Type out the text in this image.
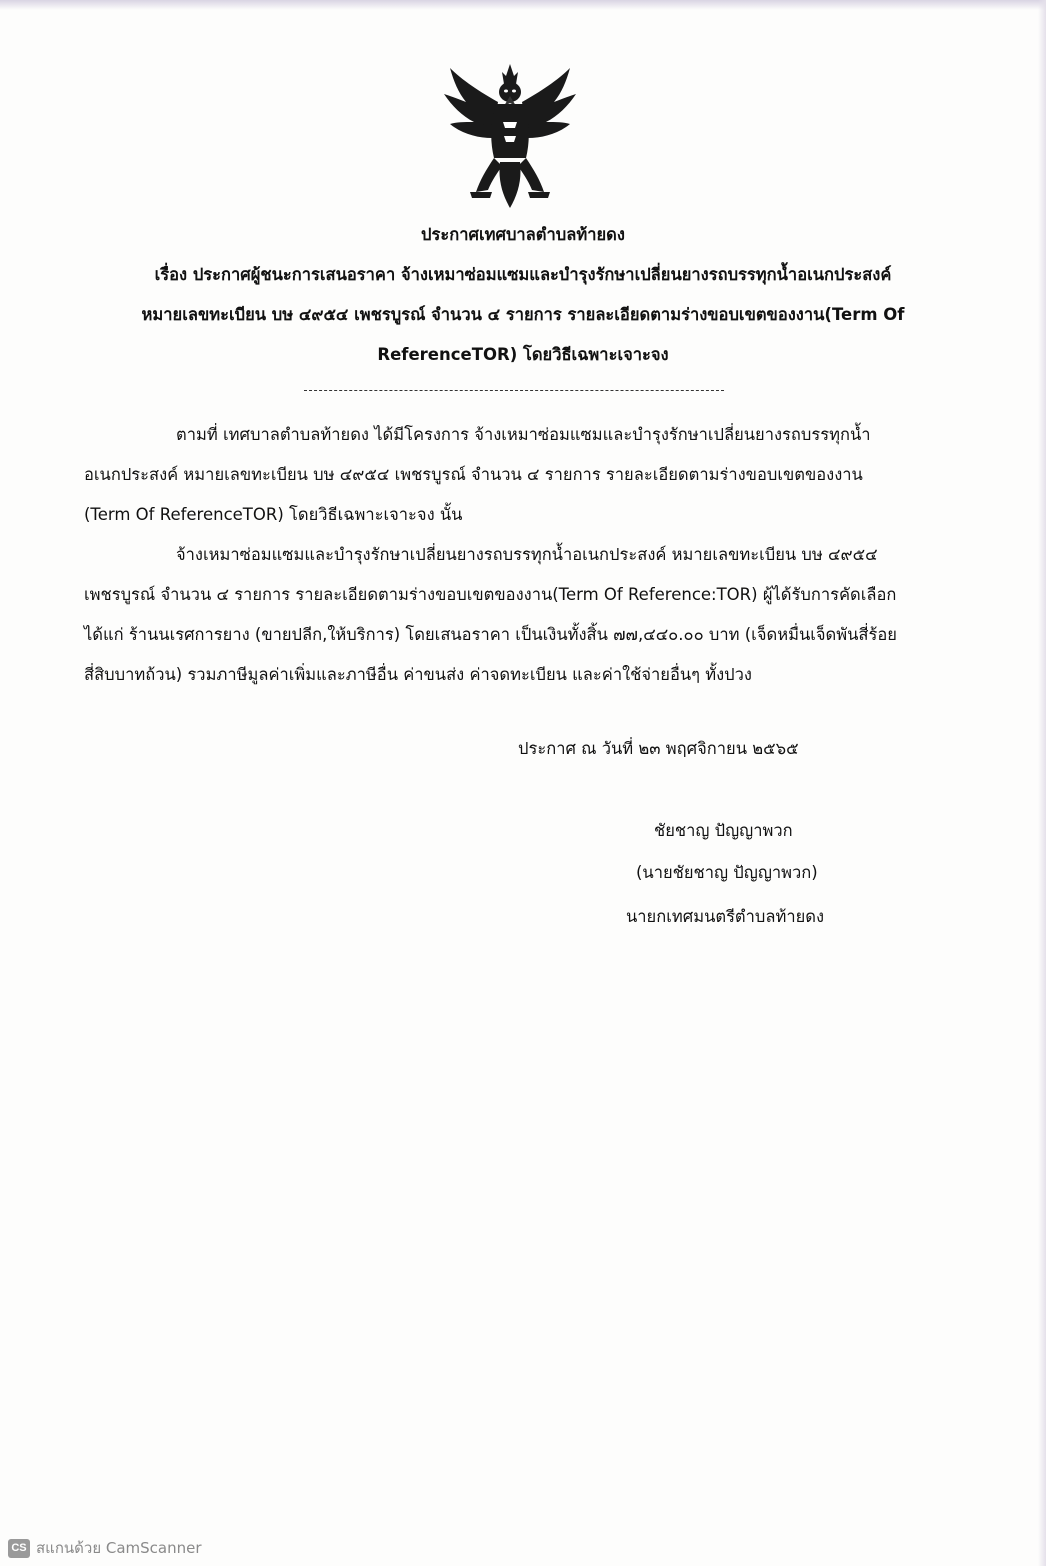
ประกาศเทศบาลตำบลท้ายดง
เรื่อง ประกาศผู้ชนะการเสนอราคา จ้างเหมาซ่อมแซมและบำรุงรักษาเปลี่ยนยางรถบรรทุกน้ำอเนกประสงค์
หมายเลขทะเบียน บษ ๔๙๕๔ เพชรบูรณ์ จำนวน ๔ รายการ รายละเอียดตามร่างขอบเขตของงาน(Term Of
ReferenceTOR) โดยวิธีเฉพาะเจาะจง
ตามที่ เทศบาลตำบลท้ายดง ได้มีโครงการ จ้างเหมาซ่อมแซมและบำรุงรักษาเปลี่ยนยางรถบรรทุกน้ำ
อเนกประสงค์ หมายเลขทะเบียน บษ ๔๙๕๔ เพชรบูรณ์ จำนวน ๔ รายการ รายละเอียดตามร่างขอบเขตของงาน
(Term Of ReferenceTOR) โดยวิธีเฉพาะเจาะจง นั้น
จ้างเหมาซ่อมแซมและบำรุงรักษาเปลี่ยนยางรถบรรทุกน้ำอเนกประสงค์ หมายเลขทะเบียน บษ ๔๙๕๔
เพชรบูรณ์ จำนวน ๔ รายการ รายละเอียดตามร่างขอบเขตของงาน(Term Of Reference:TOR) ผู้ได้รับการคัดเลือก
ได้แก่ ร้านนเรศการยาง (ขายปลีก,ให้บริการ) โดยเสนอราคา เป็นเงินทั้งสิ้น ๗๗,๔๔๐.๐๐ บาท (เจ็ดหมื่นเจ็ดพันสี่ร้อย
สี่สิบบาทถ้วน) รวมภาษีมูลค่าเพิ่มและภาษีอื่น ค่าขนส่ง ค่าจดทะเบียน และค่าใช้จ่ายอื่นๆ ทั้งปวง
ประกาศ ณ วันที่ ๒๓ พฤศจิกายน ๒๕๖๕
ชัยชาญ ปัญญาพวก
(นายชัยชาญ ปัญญาพวก)
นายกเทศมนตรีตำบลท้ายดง
CS สแกนด้วย CamScanner
